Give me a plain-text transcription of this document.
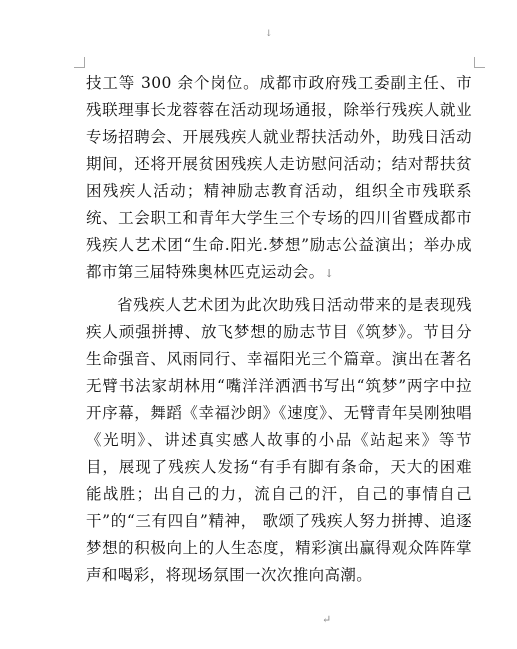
↓

技工等 300 余个岗位。成都市政府残工委副主任、市残联理事长龙蓉蓉在活动现场通报，除举行残疾人就业专场招聘会、开展残疾人就业帮扶活动外，助残日活动期间，还将开展贫困残疾人走访慰问活动；结对帮扶贫困残疾人活动；精神励志教育活动，组织全市残联系统、工会职工和青年大学生三个专场的四川省暨成都市残疾人艺术团“生命.阳光.梦想”励志公益演出；举办成都市第三届特殊奥林匹克运动会。↓

省残疾人艺术团为此次助残日活动带来的是表现残疾人顽强拼搏、放飞梦想的励志节目《筑梦》。节目分生命强音、风雨同行、幸福阳光三个篇章。演出在著名无臂书法家胡林用“嘴洋洋洒洒书写出“筑梦”两字中拉开序幕，舞蹈《幸福沙朗》《速度》、无臂青年吴刚独唱《光明》、讲述真实感人故事的小品《站起来》等节目，展现了残疾人发扬“有手有脚有条命，天大的困难能战胜；出自己的力，流自己的汗，自己的事情自己干”的“三有四自”精神， 歌颂了残疾人努力拼搏、追逐梦想的积极向上的人生态度，精彩演出赢得观众阵阵掌声和喝彩，将现场氛围一次次推向高潮。

↵
